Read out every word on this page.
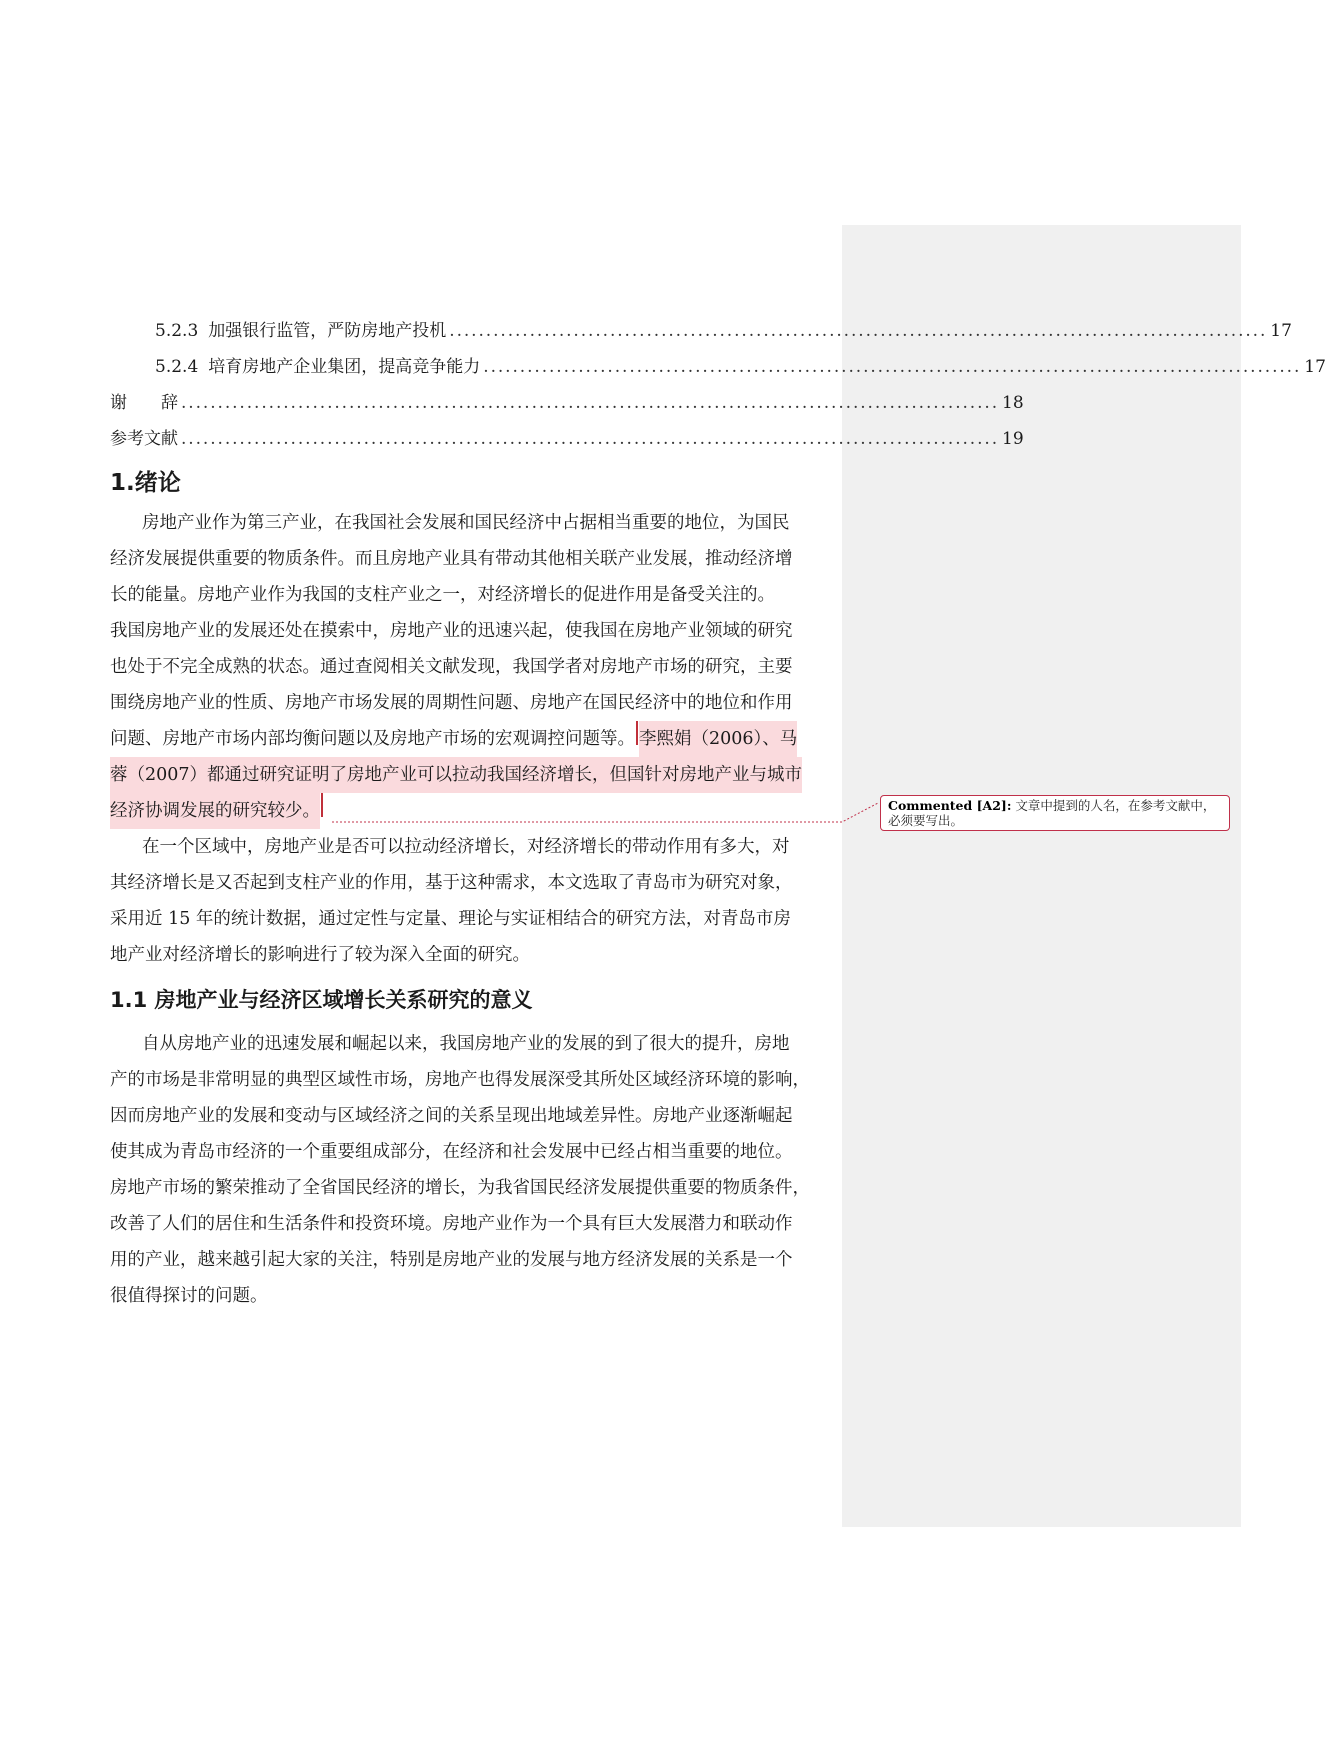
5.2.3 加强银行监管，严防房地产投机 ................................................................................................................ 17
5.2.4 培育房地产企业集团，提高竞争能力 ................................................................................................................ 17
谢　　辞 ................................................................................................................ 18
参考文献 ................................................................................................................ 19
1.绪论
房地产业作为第三产业，在我国社会发展和国民经济中占据相当重要的地位，为国民
经济发展提供重要的物质条件。而且房地产业具有带动其他相关联产业发展，推动经济增
长的能量。房地产业作为我国的支柱产业之一，对经济增长的促进作用是备受关注的。
我国房地产业的发展还处在摸索中，房地产业的迅速兴起，使我国在房地产业领域的研究
也处于不完全成熟的状态。通过查阅相关文献发现，我国学者对房地产市场的研究，主要
围绕房地产业的性质、房地产市场发展的周期性问题、房地产在国民经济中的地位和作用
问题、房地产市场内部均衡问题以及房地产市场的宏观调控问题等。 李熙娟（2006）、马
蓉（2007）都通过研究证明了房地产业可以拉动我国经济增长，但国针对房地产业与城市
经济协调发展的研究较少。
在一个区域中，房地产业是否可以拉动经济增长，对经济增长的带动作用有多大，对
其经济增长是又否起到支柱产业的作用，基于这种需求，本文选取了青岛市为研究对象，
采用近 15 年的统计数据，通过定性与定量、理论与实证相结合的研究方法，对青岛市房
地产业对经济增长的影响进行了较为深入全面的研究。
1.1 房地产业与经济区域增长关系研究的意义
自从房地产业的迅速发展和崛起以来，我国房地产业的发展的到了很大的提升，房地
产的市场是非常明显的典型区域性市场，房地产也得发展深受其所处区域经济环境的影响，
因而房地产业的发展和变动与区域经济之间的关系呈现出地域差异性。房地产业逐渐崛起
使其成为青岛市经济的一个重要组成部分，在经济和社会发展中已经占相当重要的地位。
房地产市场的繁荣推动了全省国民经济的增长，为我省国民经济发展提供重要的物质条件，
改善了人们的居住和生活条件和投资环境。房地产业作为一个具有巨大发展潜力和联动作
用的产业，越来越引起大家的关注，特别是房地产业的发展与地方经济发展的关系是一个
很值得探讨的问题。
Commented [A2]: 文章中提到的人名，在参考文献中，必须要写出。
